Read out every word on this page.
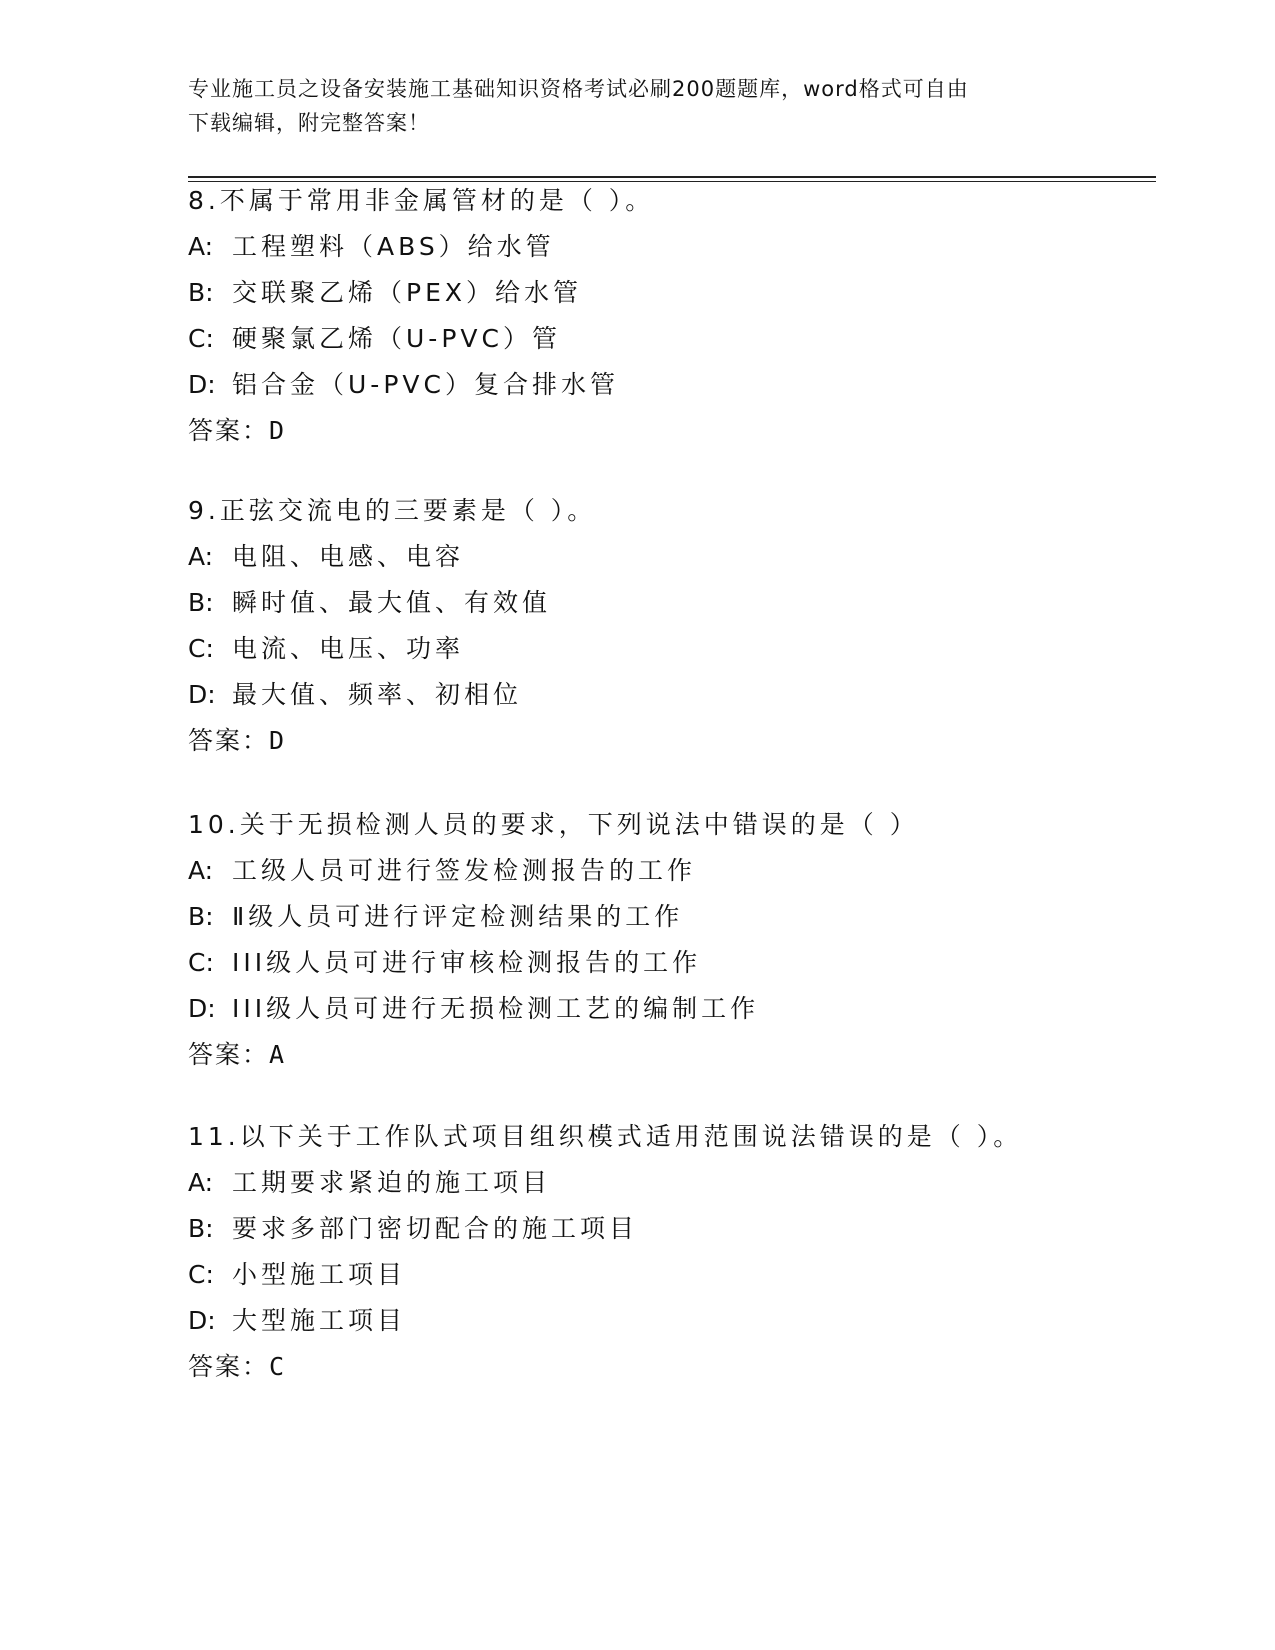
专业施工员之设备安装施工基础知识资格考试必刷200题题库，word格式可自由

下载编辑，附完整答案！

8.不属于常用非金属管材的是（ ）。

A: 工程塑料（ABS）给水管

B: 交联聚乙烯（PEX）给水管

C: 硬聚氯乙烯（U-PVC）管

D: 铝合金（U-PVC）复合排水管

答案：D

9.正弦交流电的三要素是（ ）。

A: 电阻、电感、电容

B: 瞬时值、最大值、有效值

C: 电流、电压、功率

D: 最大值、频率、初相位

答案：D

10.关于无损检测人员的要求，下列说法中错误的是（ ）

A: 工级人员可进行签发检测报告的工作

B: Ⅱ级人员可进行评定检测结果的工作

C: III级人员可进行审核检测报告的工作

D: III级人员可进行无损检测工艺的编制工作

答案：A

11.以下关于工作队式项目组织模式适用范围说法错误的是（ ）。

A: 工期要求紧迫的施工项目

B: 要求多部门密切配合的施工项目

C: 小型施工项目

D: 大型施工项目

答案：C
